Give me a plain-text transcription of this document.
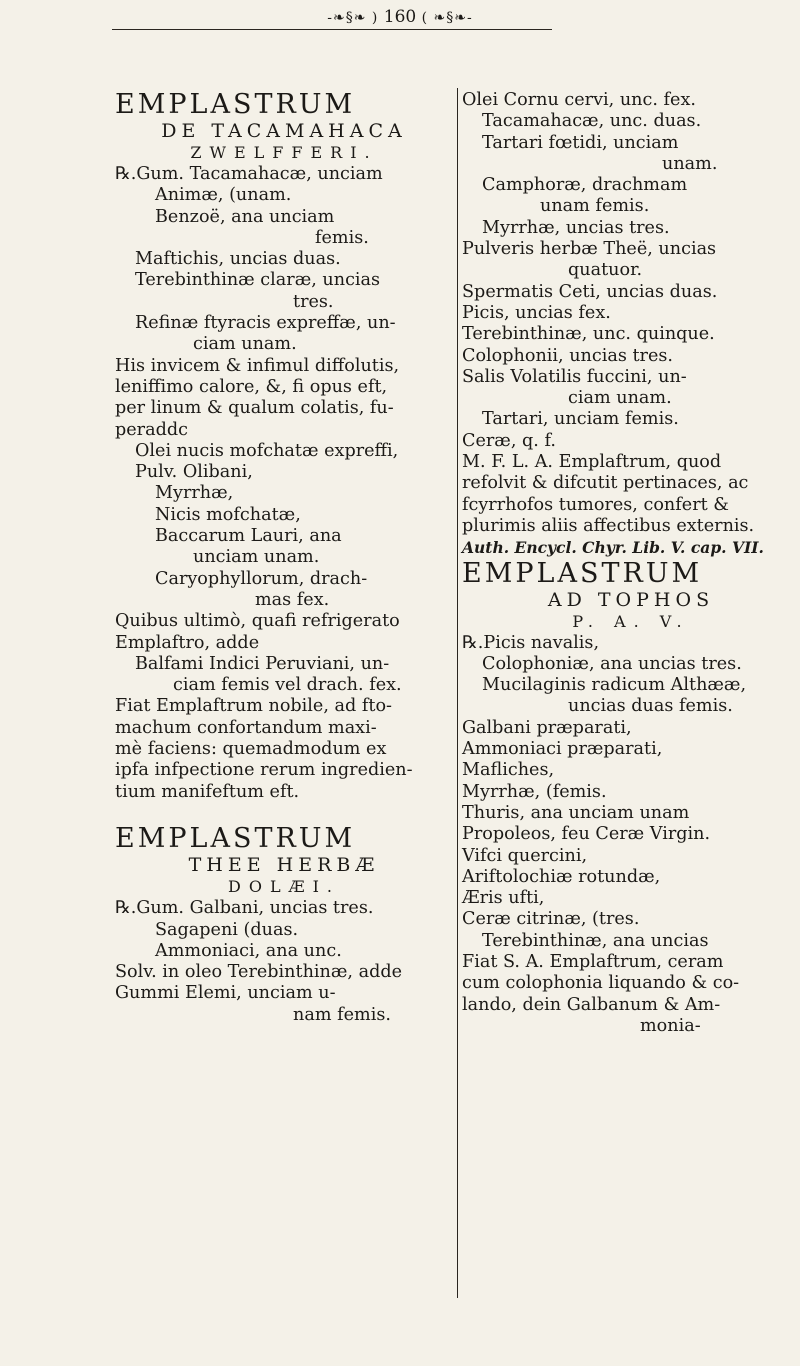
-❧§❧ ) 160 ( ❧§❧-
EMPLASTRUM
DE TACAMAHACA
ZWELFFERI.
℞.Gum. Tacamahacæ, unciam
Animæ, (unam.
Benzoë, ana unciam
femis.
Maftichis, uncias duas.
Terebinthinæ claræ, uncias
tres.
Refinæ ftyracis expreffæ, un-
ciam unam.
His invicem & infimul diffolutis,
leniffimo calore, &, fi opus eft,
per linum & qualum colatis, fu-
peraddc
Olei nucis mofchatæ expreffi,
Pulv. Olibani,
Myrrhæ,
Nicis mofchatæ,
Baccarum Lauri, ana
unciam unam.
Caryophyllorum, drach-
mas fex.
Quibus ultimò, quafi refrigerato
Emplaftro, adde
Balfami Indici Peruviani, un-
ciam femis vel drach. fex.
Fiat Emplaftrum nobile, ad fto-
machum confortandum maxi-
mè faciens: quemadmodum ex
ipfa infpectione rerum ingredien-
tium manifeftum eft.
EMPLASTRUM
THEE HERBÆ
DOLÆI.
℞.Gum. Galbani, uncias tres.
Sagapeni (duas.
Ammoniaci, ana unc.
Solv. in oleo Terebinthinæ, adde
Gummi Elemi, unciam u-
nam femis.
Olei Cornu cervi, unc. fex.
Tacamahacæ, unc. duas.
Tartari fœtidi, unciam
unam.
Camphoræ, drachmam
unam femis.
Myrrhæ, uncias tres.
Pulveris herbæ Theë, uncias
quatuor.
Spermatis Ceti, uncias duas.
Picis, uncias fex.
Terebinthinæ, unc. quinque.
Colophonii, uncias tres.
Salis Volatilis fuccini, un-
ciam unam.
Tartari, unciam femis.
Ceræ, q. f.
M. F. L. A. Emplaftrum, quod
refolvit & difcutit pertinaces, ac
fcyrrhofos tumores, confert &
plurimis aliis affectibus externis.
Auth. Encycl. Chyr. Lib. V. cap. VII.
EMPLASTRUM
AD TOPHOS
P. A. V.
℞.Picis navalis,
Colophoniæ, ana uncias tres.
Mucilaginis radicum Althææ,
uncias duas femis.
Galbani præparati,
Ammoniaci præparati,
Mafliches,
Myrrhæ, (femis.
Thuris, ana unciam unam
Propoleos, feu Ceræ Virgin.
Vifci quercini,
Ariftolochiæ rotundæ,
Æris ufti,
Ceræ citrinæ, (tres.
Terebinthinæ, ana uncias
Fiat S. A. Emplaftrum, ceram
cum colophonia liquando & co-
lando, dein Galbanum & Am-
monia-
